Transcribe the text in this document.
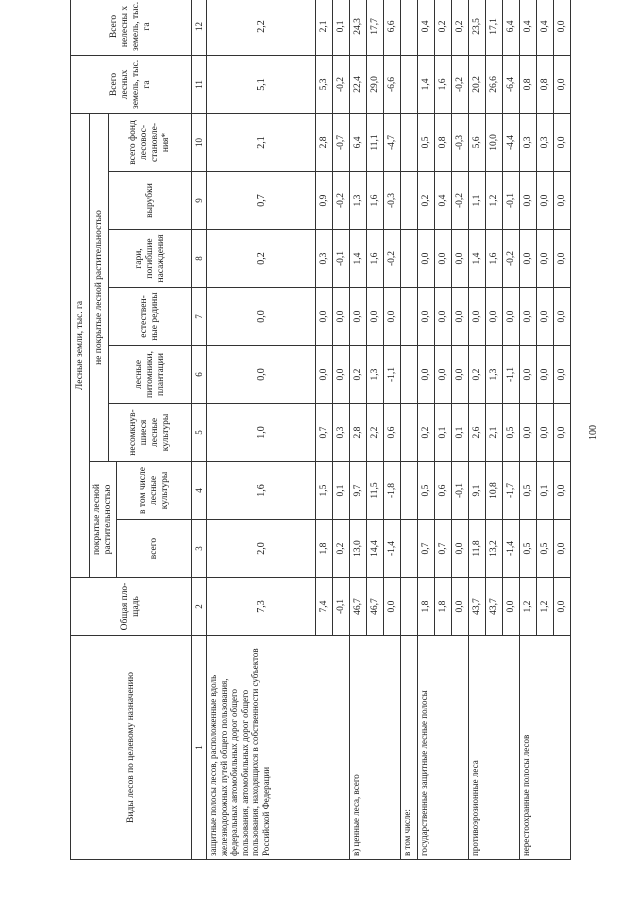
Виды лесов по целевому назначению	Общая пло-щадь	Лесные земли, тыс. га								Всего лесных земель, тыс. га	Всего нелесны х земель, тыс. га
		покрытые лесной растительностью		не покрытые лесной растительностью							
				несомкнув-шиеся лесные культуры	лесные питомники, плантации	естествен-ные редины	гари, погибшие насаждения	вырубки	всего фонд лесовос-становле-ния*		
		всего	в том числе лесные культуры								
1	2	3	4	5	6	7	8	9	10	11	12
защитные полосы лесов, расположенные вдоль железнодорожных путей общего пользования, федеральных автомобильных дорог общего пользования, автомобильных дорог общего пользования, находящихся в собственности субъектов Российской Федерации	7,3	2,0	1,6	1,0	0,0	0,0	0,2	0,7	2,1	5,1	2,2
	7,4	1,8	1,5	0,7	0,0	0,0	0,3	0,9	2,8	5,3	2,1
	-0,1	0,2	0,1	0,3	0,0	0,0	-0,1	-0,2	-0,7	-0,2	0,1
в) ценные леса, всего	46,7	13,0	9,7	2,8	0,2	0,0	1,4	1,3	6,4	22,4	24,3
	46,7	14,4	11,5	2,2	1,3	0,0	1,6	1,6	11,1	29,0	17,7
	0,0	-1,4	-1,8	0,6	-1,1	0,0	-0,2	-0,3	-4,7	-6,6	6,6
в том числе:											
государственные защитные лесные полосы	1,8	0,7	0,5	0,2	0,0	0,0	0,0	0,2	0,5	1,4	0,4
	1,8	0,7	0,6	0,1	0,0	0,0	0,0	0,4	0,8	1,6	0,2
	0,0	0,0	-0,1	0,1	0,0	0,0	0,0	-0,2	-0,3	-0,2	0,2
противоэрозионные леса	43,7	11,8	9,1	2,6	0,2	0,0	1,4	1,1	5,6	20,2	23,5
	43,7	13,2	10,8	2,1	1,3	0,0	1,6	1,2	10,0	26,6	17,1
	0,0	-1,4	-1,7	0,5	-1,1	0,0	-0,2	-0,1	-4,4	-6,4	6,4
нерестоохранные полосы лесов	1,2	0,5	0,5	0,0	0,0	0,0	0,0	0,0	0,3	0,8	0,4
	1,2	0,5	0,1	0,0	0,0	0,0	0,0	0,0	0,3	0,8	0,4
	0,0	0,0	0,0	0,0	0,0	0,0	0,0	0,0	0,0	0,0	0,0
100
